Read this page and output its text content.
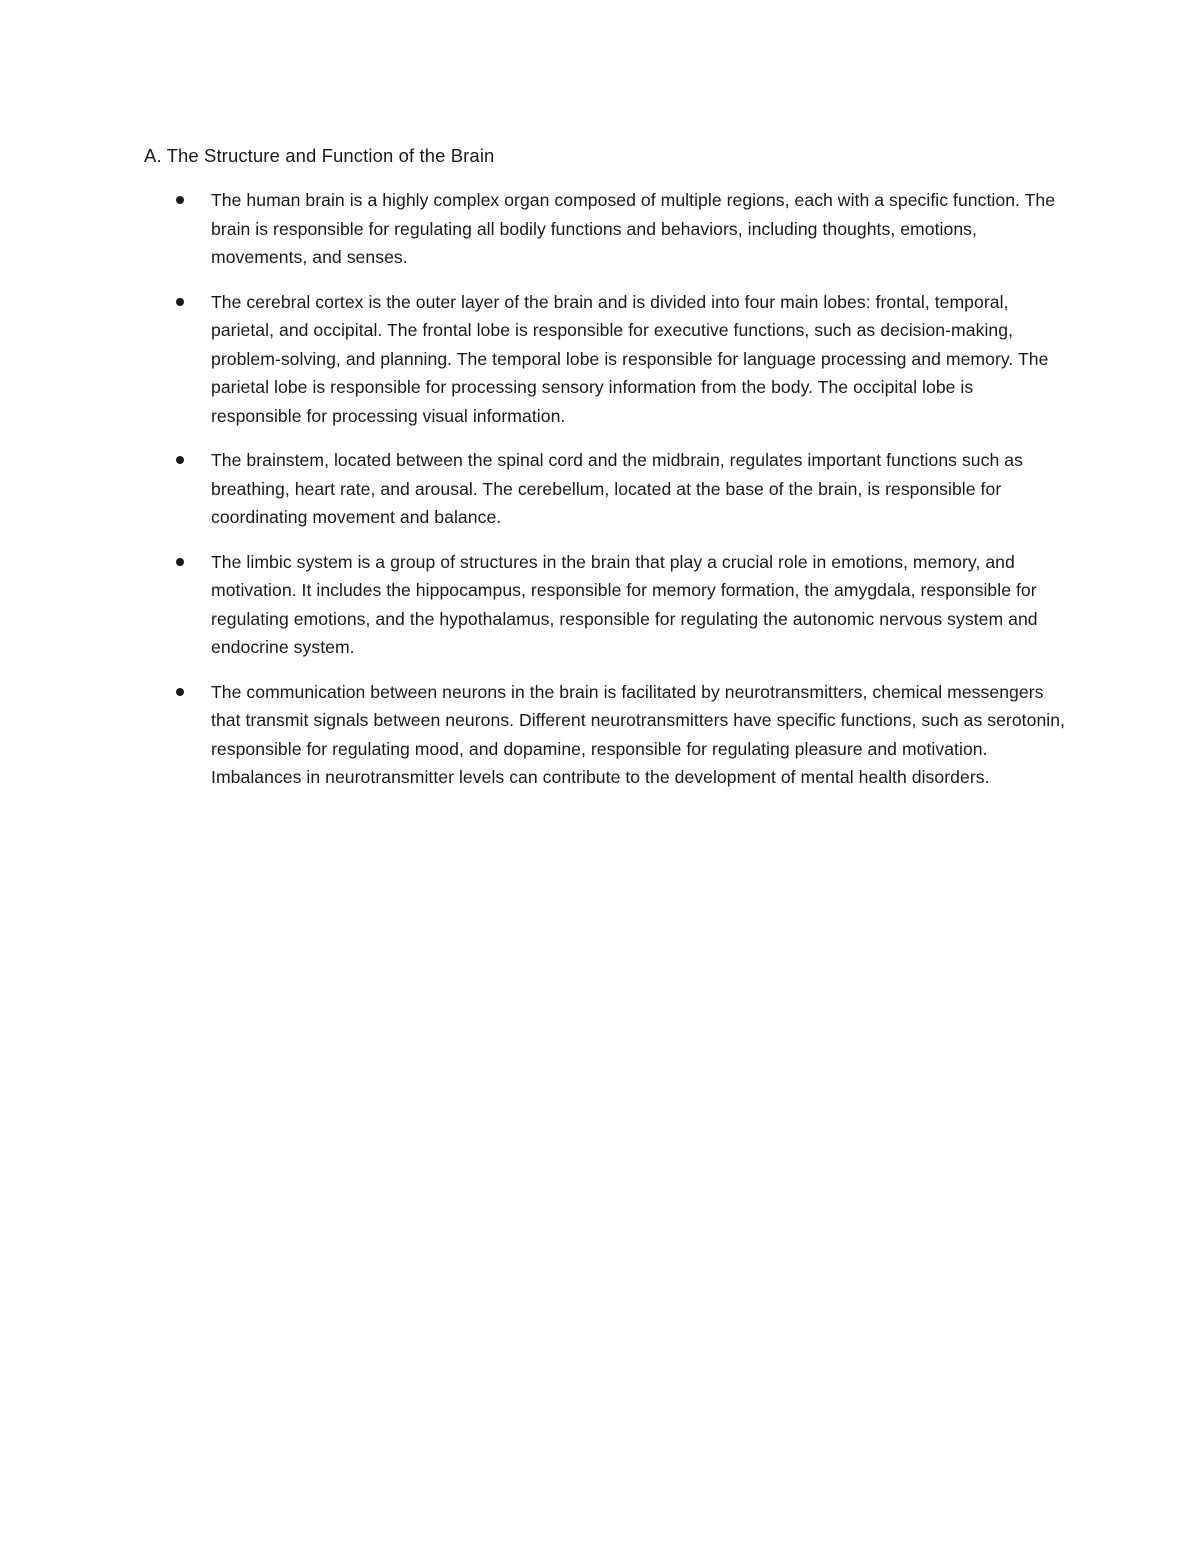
A. The Structure and Function of the Brain
The human brain is a highly complex organ composed of multiple regions, each with a specific function. The brain is responsible for regulating all bodily functions and behaviors, including thoughts, emotions, movements, and senses.
The cerebral cortex is the outer layer of the brain and is divided into four main lobes: frontal, temporal, parietal, and occipital. The frontal lobe is responsible for executive functions, such as decision-making, problem-solving, and planning. The temporal lobe is responsible for language processing and memory. The parietal lobe is responsible for processing sensory information from the body. The occipital lobe is responsible for processing visual information.
The brainstem, located between the spinal cord and the midbrain, regulates important functions such as breathing, heart rate, and arousal. The cerebellum, located at the base of the brain, is responsible for coordinating movement and balance.
The limbic system is a group of structures in the brain that play a crucial role in emotions, memory, and motivation. It includes the hippocampus, responsible for memory formation, the amygdala, responsible for regulating emotions, and the hypothalamus, responsible for regulating the autonomic nervous system and endocrine system.
The communication between neurons in the brain is facilitated by neurotransmitters, chemical messengers that transmit signals between neurons. Different neurotransmitters have specific functions, such as serotonin, responsible for regulating mood, and dopamine, responsible for regulating pleasure and motivation. Imbalances in neurotransmitter levels can contribute to the development of mental health disorders.
